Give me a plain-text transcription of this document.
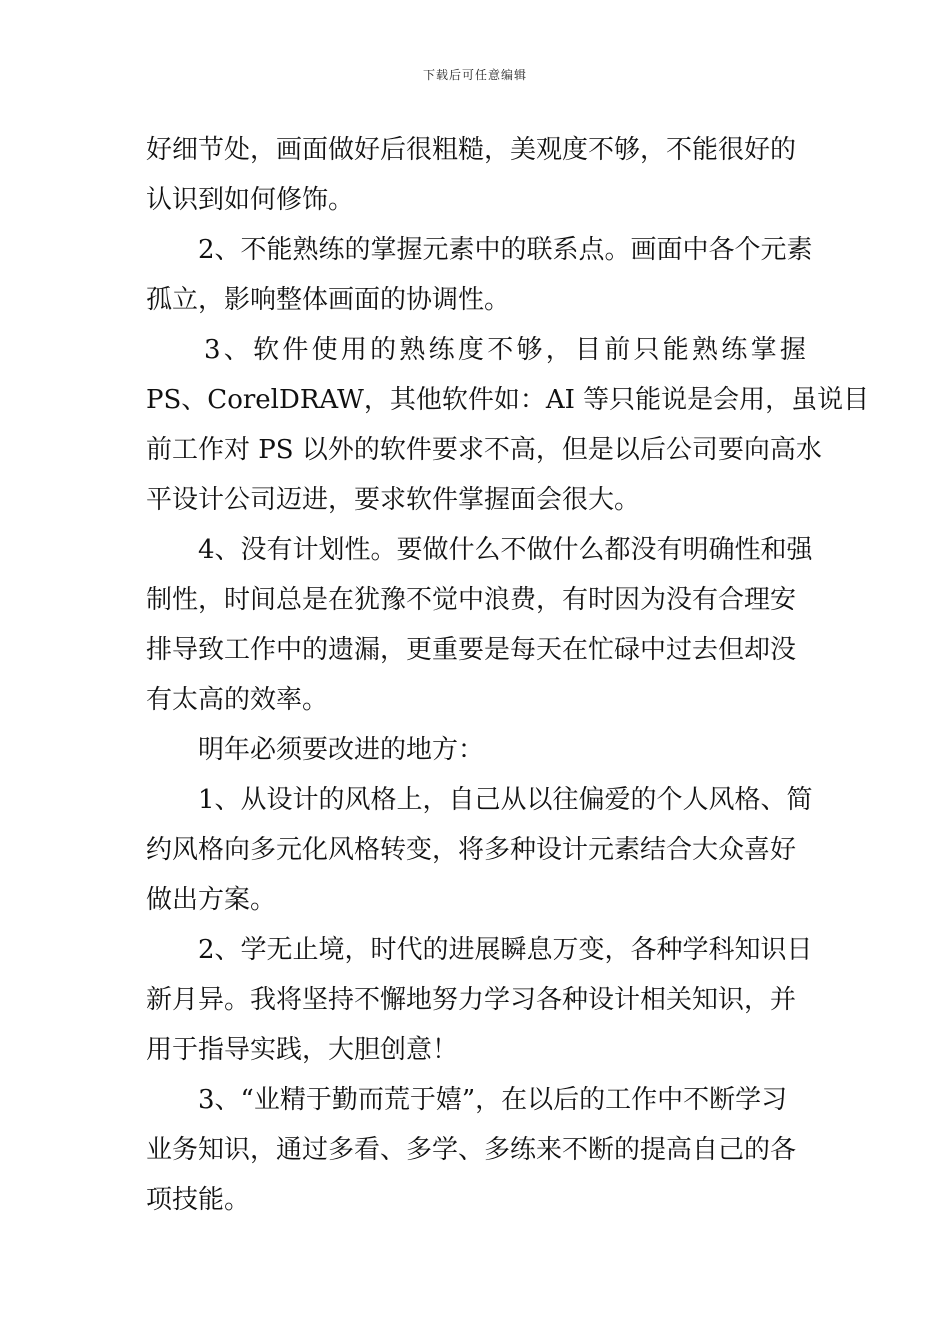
下载后可任意编辑
好细节处，画面做好后很粗糙，美观度不够，不能很好的
认识到如何修饰。
2、不能熟练的掌握元素中的联系点。画面中各个元素
孤立，影响整体画面的协调性。
3 、 软 件 使 用 的 熟 练 度 不 够 ， 目 前 只 能 熟 练 掌 握
PS、CorelDRAW，其他软件如：AI 等只能说是会用，虽说目
前工作对 PS 以外的软件要求不高，但是以后公司要向高水
平设计公司迈进，要求软件掌握面会很大。
4、没有计划性。要做什么不做什么都没有明确性和强
制性，时间总是在犹豫不觉中浪费，有时因为没有合理安
排导致工作中的遗漏，更重要是每天在忙碌中过去但却没
有太高的效率。
明年必须要改进的地方：
1、从设计的风格上，自己从以往偏爱的个人风格、简
约风格向多元化风格转变，将多种设计元素结合大众喜好
做出方案。
2、学无止境，时代的进展瞬息万变，各种学科知识日
新月异。我将坚持不懈地努力学习各种设计相关知识，并
用于指导实践，大胆创意！
3、“业精于勤而荒于嬉”，在以后的工作中不断学习
业务知识，通过多看、多学、多练来不断的提高自己的各
项技能。
